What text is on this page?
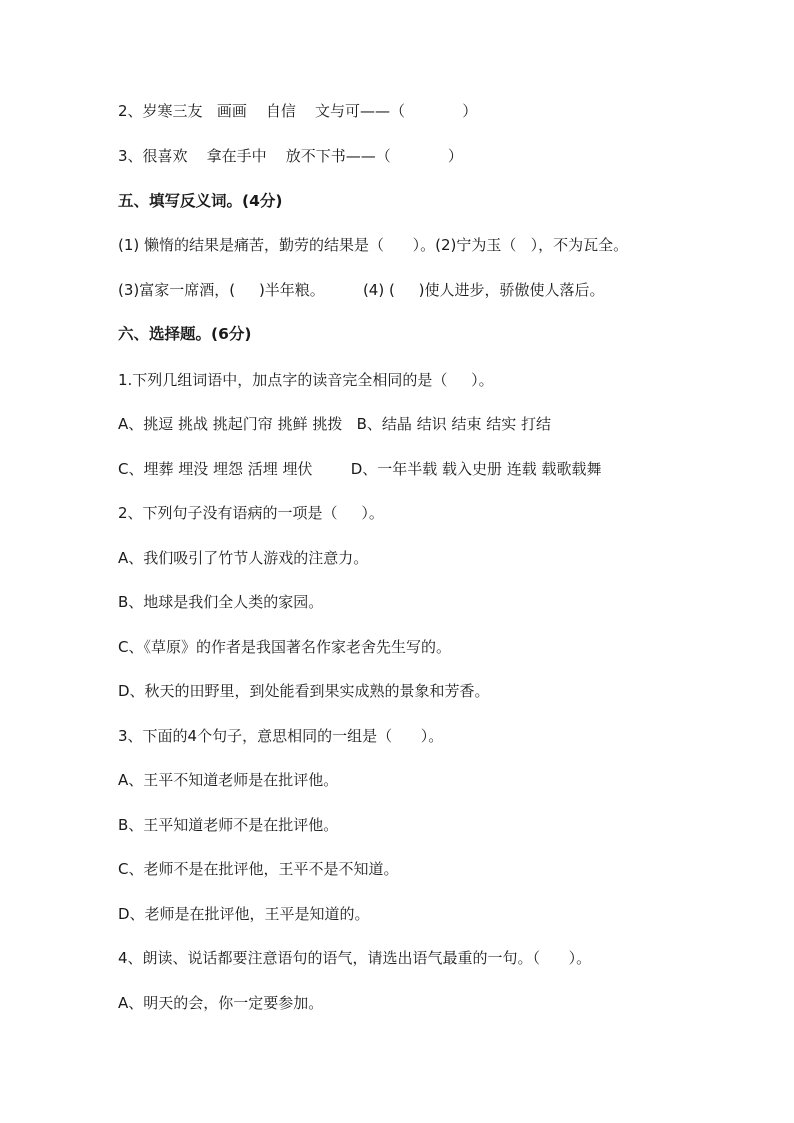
2、岁寒三友   画画    自信    文与可——（            ）
3、很喜欢    拿在手中    放不下书——（            ）
五、填写反义词。(4分)
(1) 懒惰的结果是痛苦，勤劳的结果是（      ）。(2)宁为玉（   ），不为瓦全。
(3)富家一席酒，(     )半年粮。        (4) (     )使人进步，骄傲使人落后。
六、选择题。(6分)
1.下列几组词语中，加点字的读音完全相同的是（     ）。
A、挑逗 挑战 挑起门帘 挑鲜 挑拨   B、结晶 结识 结束 结实 打结
C、埋葬 埋没 埋怨 活埋 埋伏        D、一年半载 载入史册 连载 载歌载舞
2、下列句子没有语病的一项是（     ）。
A、我们吸引了竹节人游戏的注意力。
B、地球是我们全人类的家园。
C、《草原》的作者是我国著名作家老舍先生写的。
D、秋天的田野里，到处能看到果实成熟的景象和芳香。
3、下面的4个句子，意思相同的一组是（      ）。
A、王平不知道老师是在批评他。
B、王平知道老师不是在批评他。
C、老师不是在批评他，王平不是不知道。
D、老师是在批评他，王平是知道的。
4、朗读、说话都要注意语句的语气，请选出语气最重的一句。（      ）。
A、明天的会，你一定要参加。
